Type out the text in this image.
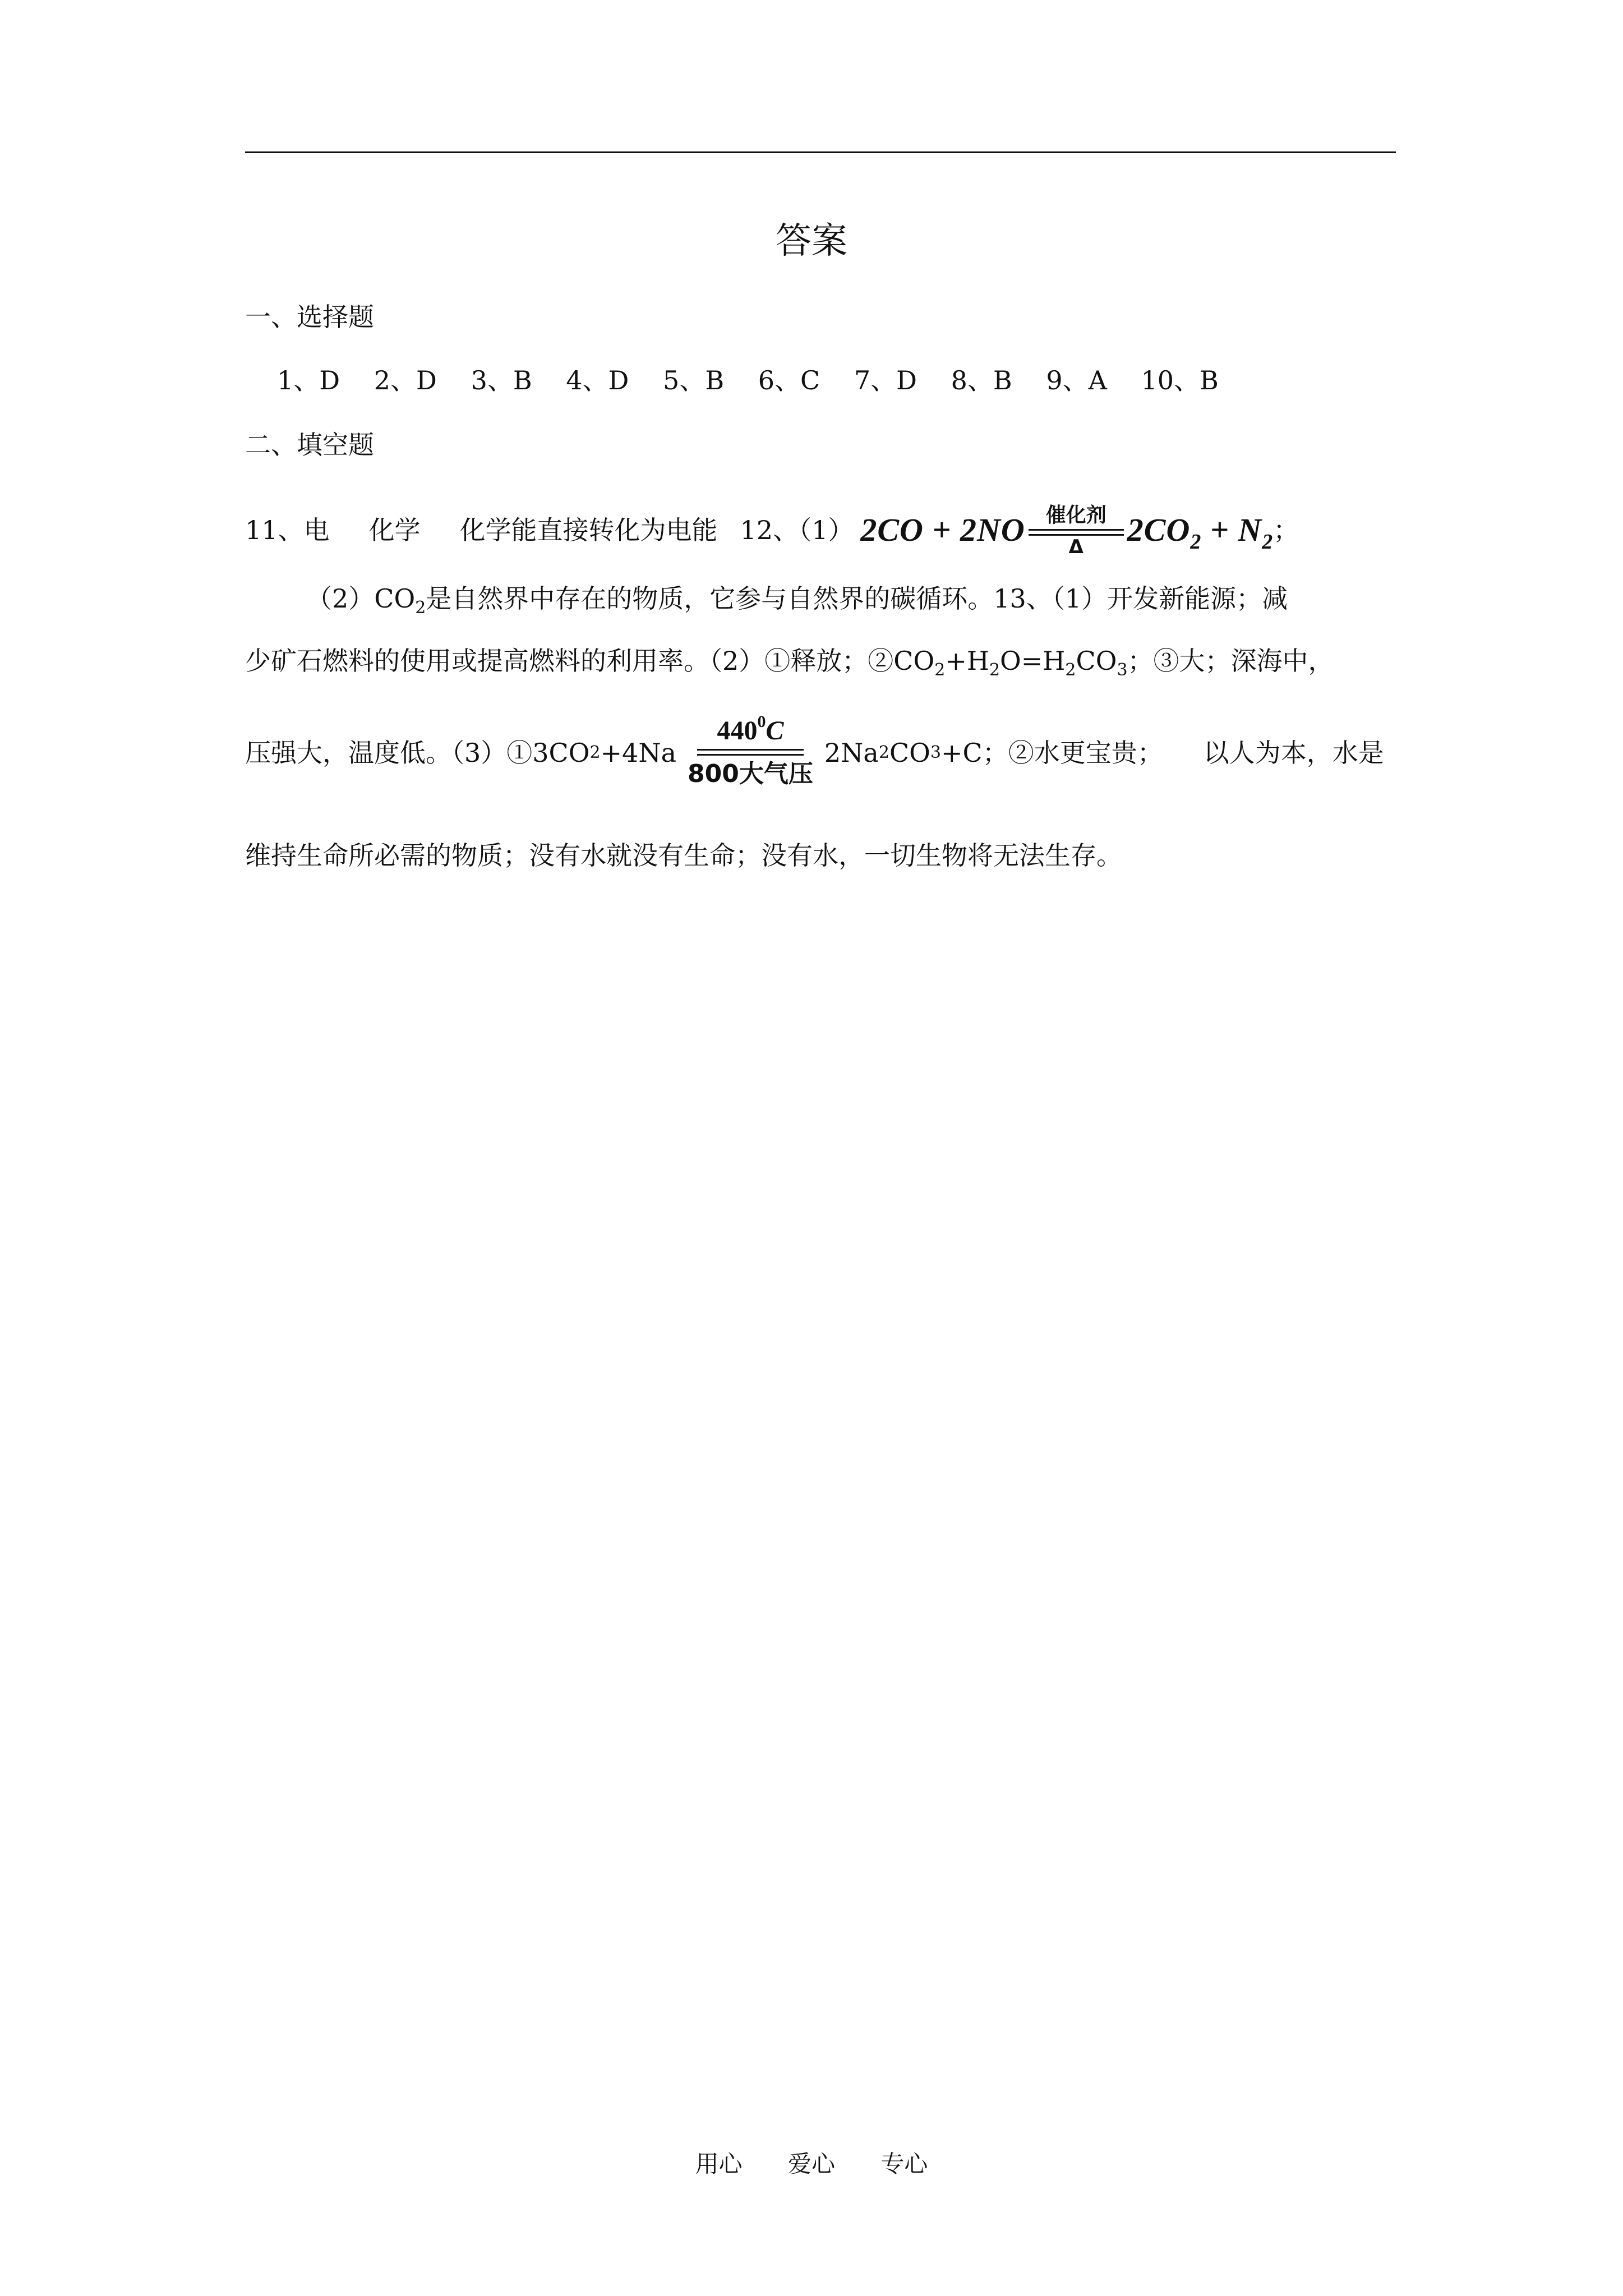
答案
一、选择题
1、D 2、D 3、B 4、D 5、B 6、C 7、D 8、B 9、A 10、B
二、填空题
11、电 化学 化学能直接转化为电能 12、（1） 2CO + 2NO 催化剂
Δ $2CO_2 + N_2$ ；
$(2)CO_2$是自然界中存在的物质，它参与自然界的碳循环。13、（1）开发新能源；减
少矿石燃料的使用或提高燃料的利用率。（2）①释放；$②CO_2+H_2O=H_2CO_3$；③大；深海中，
压强大，温度低。（3）①3CO 2 +4Na
$440^0C$
800大气压
2Na 2 CO 3 +C；②水更宝贵； 以人为本，水是
维持生命所必需的物质；没有水就没有生命；没有水，一切生物将无法生存。
用心 爱心 专心
